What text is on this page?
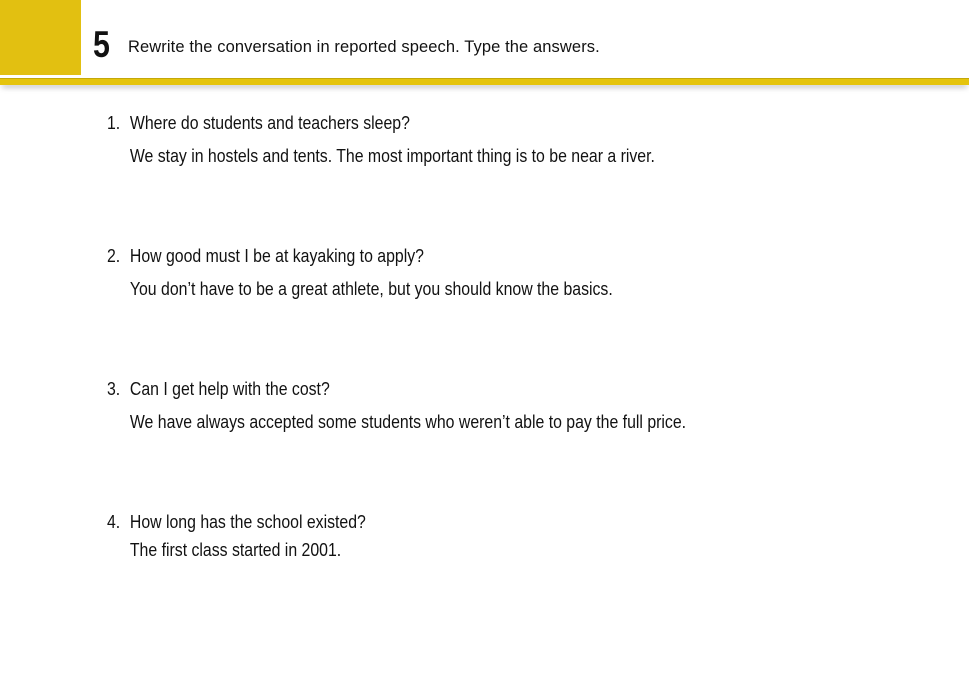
5 Rewrite the conversation in reported speech. Type the answers.
1. Where do students and teachers sleep?
We stay in hostels and tents. The most important thing is to be near a river.
2. How good must I be at kayaking to apply?
You don’t have to be a great athlete, but you should know the basics.
3. Can I get help with the cost?
We have always accepted some students who weren’t able to pay the full price.
4. How long has the school existed?
The first class started in 2001.
